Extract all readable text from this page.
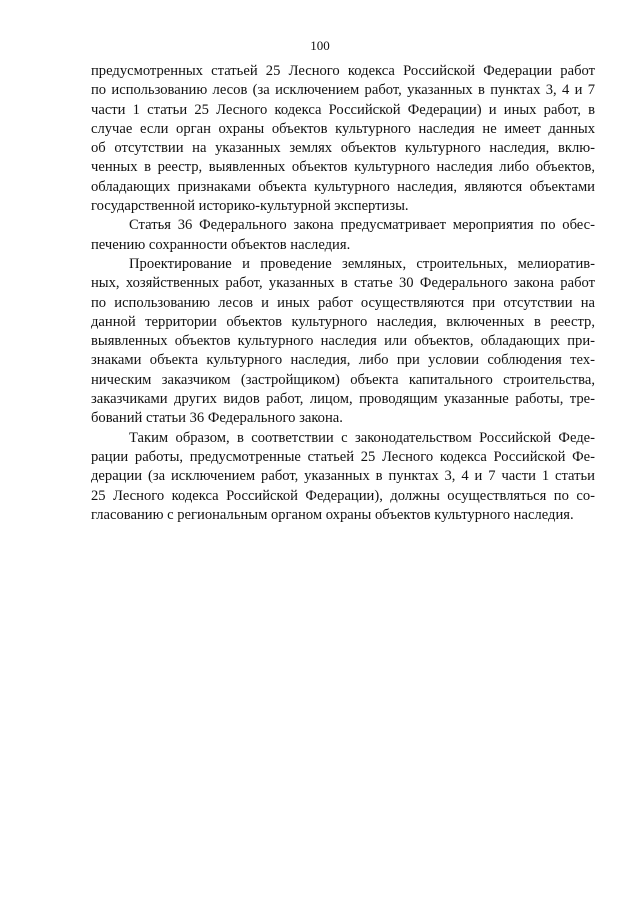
100
предусмотренных статьей 25 Лесного кодекса Российской Федерации работ
по использованию лесов (за исключением работ, указанных в пунктах 3, 4 и 7
части 1 статьи 25 Лесного кодекса Российской Федерации) и иных работ, в
случае если орган охраны объектов культурного наследия не имеет данных
об отсутствии на указанных землях объектов культурного наследия, вклю-
ченных в реестр, выявленных объектов культурного наследия либо объектов,
обладающих признаками объекта культурного наследия, являются объектами
государственной историко-культурной экспертизы.
Статья 36 Федерального закона предусматривает мероприятия по обес-
печению сохранности объектов наследия.
Проектирование и проведение земляных, строительных, мелиоратив-
ных, хозяйственных работ, указанных в статье 30 Федерального закона работ
по использованию лесов и иных работ осуществляются при отсутствии на
данной территории объектов культурного наследия, включенных в реестр,
выявленных объектов культурного наследия или объектов, обладающих при-
знаками объекта культурного наследия, либо при условии соблюдения тех-
ническим заказчиком (застройщиком) объекта капитального строительства,
заказчиками других видов работ, лицом, проводящим указанные работы, тре-
бований статьи 36 Федерального закона.
Таким образом, в соответствии с законодательством Российской Феде-
рации работы, предусмотренные статьей 25 Лесного кодекса Российской Фе-
дерации (за исключением работ, указанных в пунктах 3, 4 и 7 части 1 статьи
25 Лесного кодекса Российской Федерации), должны осуществляться по со-
гласованию с региональным органом охраны объектов культурного наследия.
